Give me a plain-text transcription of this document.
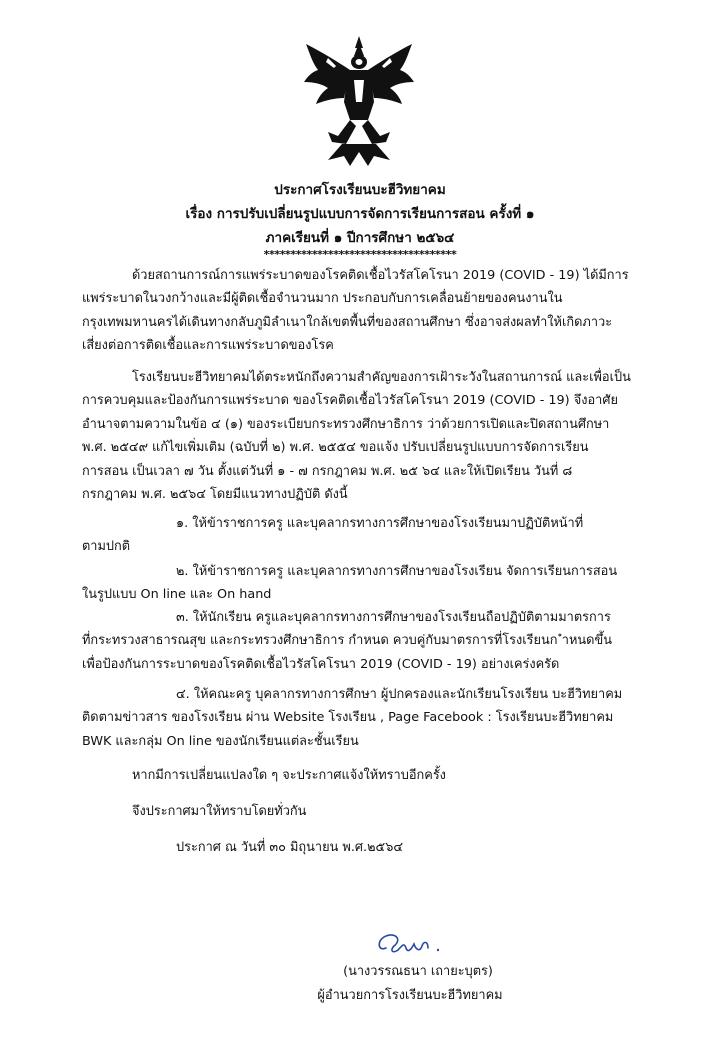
ประกาศโรงเรียนบะฮีวิทยาคม
เรื่อง การปรับเปลี่ยนรูปแบบการจัดการเรียนการสอน ครั้งที่ ๑
ภาคเรียนที่ ๑ ปีการศึกษา ๒๕๖๔
************************************
ด้วยสถานการณ์การแพร่ระบาดของโรคติดเชื้อไวรัสโคโรนา 2019 (COVID - 19) ได้มีการ
แพร่ระบาดในวงกว้างและมีผู้ติดเชื้อจำนวนมาก ประกอบกับการเคลื่อนย้ายของคนงานใน
กรุงเทพมหานครได้เดินทางกลับภูมิลำเนาใกล้เขตพื้นที่ของสถานศึกษา ซึ่งอาจส่งผลทำให้เกิดภาวะ
เสี่ยงต่อการติดเชื้อและการแพร่ระบาดของโรค
โรงเรียนบะฮีวิทยาคมได้ตระหนักถึงความสำคัญของการเฝ้าระวังในสถานการณ์ และเพื่อเป็น
การควบคุมและป้องกันการแพร่ระบาด ของโรคติดเชื้อไวรัสโคโรนา 2019 (COVID - 19) จึงอาศัย
อำนาจตามความในข้อ ๔ (๑) ของระเบียบกระทรวงศึกษาธิการ ว่าด้วยการเปิดและปิดสถานศึกษา
พ.ศ. ๒๕๔๙ แก้ไขเพิ่มเติม (ฉบับที่ ๒) พ.ศ. ๒๕๕๔ ขอแจ้ง ปรับเปลี่ยนรูปแบบการจัดการเรียน
การสอน เป็นเวลา ๗ วัน ตั้งแต่วันที่ ๑ - ๗ กรกฎาคม พ.ศ. ๒๕ ๖๔ และให้เปิดเรียน วันที่ ๘
กรกฎาคม พ.ศ. ๒๕๖๔ โดยมีแนวทางปฏิบัติ ดังนี้
๑. ให้ข้าราชการครู และบุคลากรทางการศึกษาของโรงเรียนมาปฏิบัติหน้าที่
ตามปกติ
๒. ให้ข้าราชการครู และบุคลากรทางการศึกษาของโรงเรียน จัดการเรียนการสอน
ในรูปแบบ On line และ On hand
๓. ให้นักเรียน ครูและบุคลากรทางการศึกษาของโรงเรียนถือปฏิบัติตามมาตรการ
ที่กระทรวงสาธารณสุข และกระทรวงศึกษาธิการ กำหนด ควบคู่กับมาตรการที่โรงเรียนก ำหนดขึ้น
เพื่อป้องกันการระบาดของโรคติดเชื้อไวรัสโคโรนา 2019 (COVID - 19) อย่างเคร่งครัด
๔. ให้คณะครู บุคลากรทางการศึกษา ผู้ปกครองและนักเรียนโรงเรียน บะฮีวิทยาคม
ติดตามข่าวสาร ของโรงเรียน ผ่าน Website โรงเรียน , Page Facebook : โรงเรียนบะฮีวิทยาคม
BWK และกลุ่ม On line ของนักเรียนแต่ละชั้นเรียน
หากมีการเปลี่ยนแปลงใด ๆ จะประกาศแจ้งให้ทราบอีกครั้ง
จึงประกาศมาให้ทราบโดยทั่วกัน
ประกาศ ณ วันที่ ๓๐ มิถุนายน พ.ศ.๒๕๖๔
(นางวรรณธนา เถายะบุตร)
ผู้อำนวยการโรงเรียนบะฮีวิทยาคม
